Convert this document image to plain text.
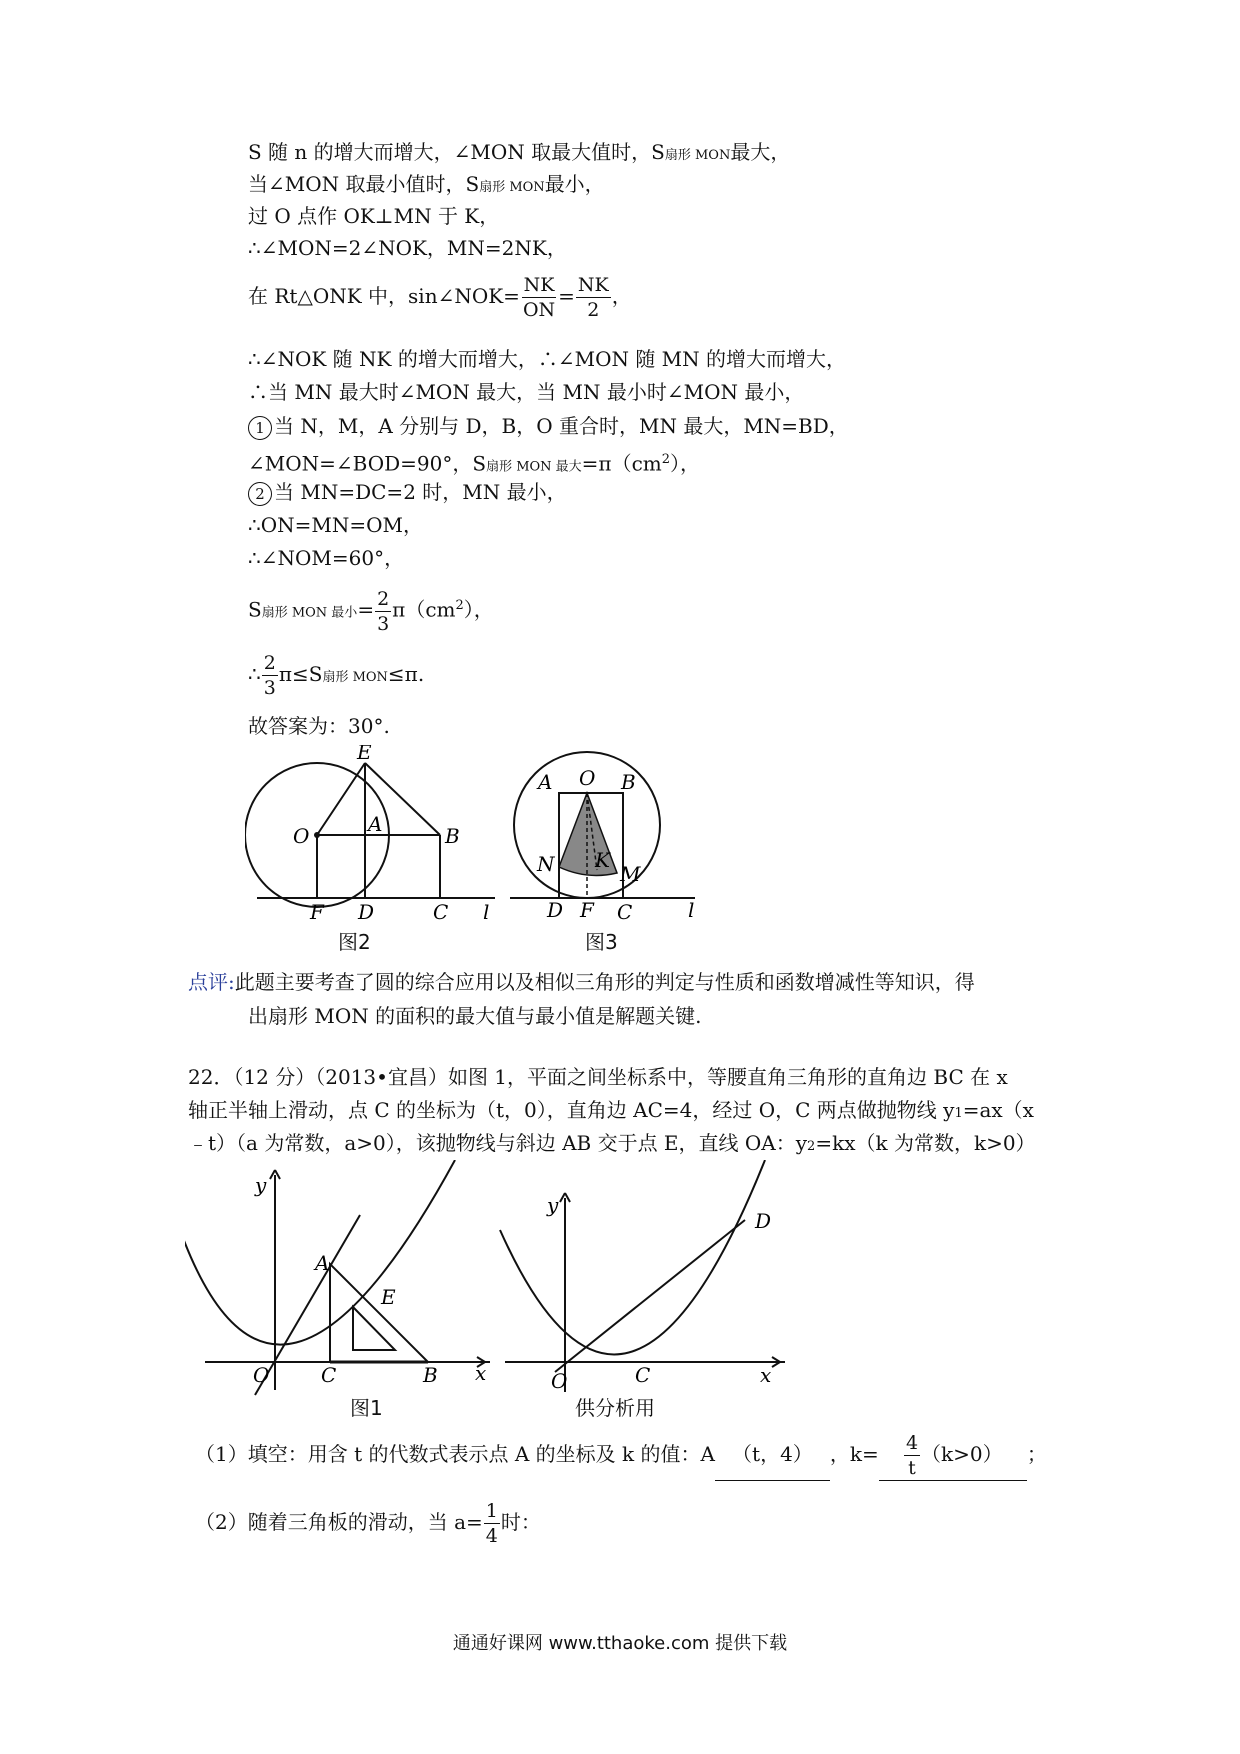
S 随 n 的增大而增大，∠MON 取最大值时，S扇形 MON最大，
当∠MON 取最小值时，S扇形 MON最小，
过 O 点作 OK⊥MN 于 K，
∴∠MON=2∠NOK，MN=2NK，
在 Rt△ONK 中，sin∠NOK= $\frac{NK}{ON} = \frac{NK}{2}$ ，
∴∠NOK 随 NK 的增大而增大，∴∠MON 随 MN 的增大而增大，
∴当 MN 最大时∠MON 最大，当 MN 最小时∠MON 最小，
1 当 N，M，A 分别与 D，B，O 重合时，MN 最大，MN=BD，
∠MON=∠BOD=90°，S扇形 MON 最大$=\pi(cm^2)$，
2 当 MN=DC=2 时，MN 最小，
∴ON=MN=OM，
∴∠NOM=60°，
S扇形 MON 最小= $\frac{2}{3} \pi(cm^2)$，
∴ $\frac{2}{3} \pi\le S$扇形 MON≤π.
故答案为：30°.
E
O	A	B
F D	C l
图2
A O B
N K
M
D F C	l
图3
点评:此题主要考查了圆的综合应用以及相似三角形的判定与性质和函数增减性等知识，得
出扇形 MON 的面积的最大值与最小值是解题关键.
22．（12 分）（2013•宜昌）如图 1，平面之间坐标系中，等腰直角三角形的直角边 BC 在 x
轴正半轴上滑动，点 C 的坐标为（t，0），直角边 AC=4，经过 O，C 两点做抛物线 y1=ax（x
﹣t）（a 为常数，a>0），该抛物线与斜边 AB 交于点 E，直线 OA：y2=kx（k 为常数，k>0）
y
A
E
O	C	B x
图1
y
D
O	C	x
供分析用
（1）填空：用含 t 的代数式表示点 A 的坐标及 k 的值：A （t，4） ，$k= \frac{4}{t} (k>0)$ ；
（2）随着三角板的滑动，当 $a= \frac{1}{4}$ 时：
通通好课网 www.tthaoke.com 提供下载
